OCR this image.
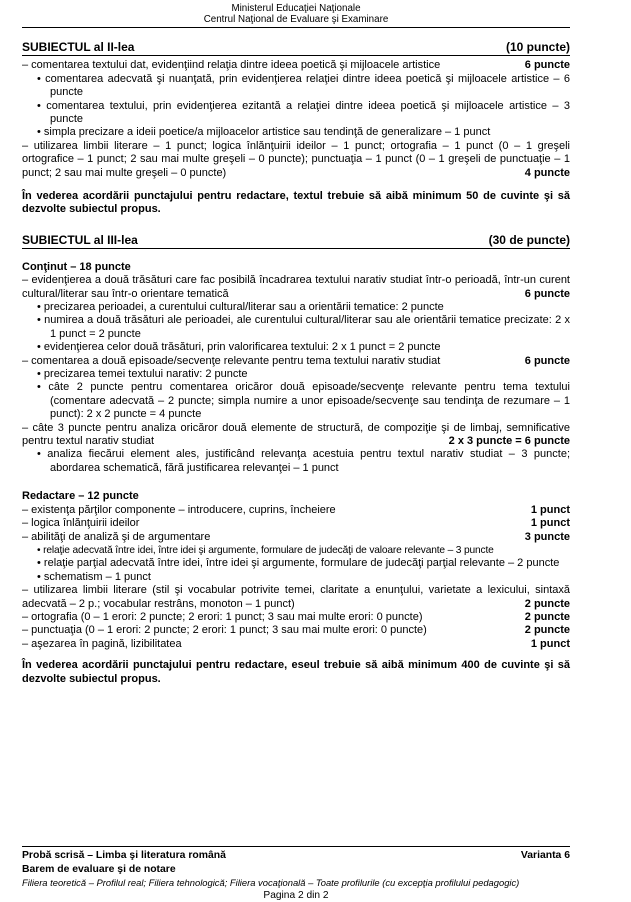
Ministerul Educaţiei Naţionale
Centrul Naţional de Evaluare şi Examinare
SUBIECTUL al II-lea	(10 puncte)

– comentarea textului dat, evidenţiind relaţia dintre ideea poetică şi mijloacele artistice	6 puncte

• comentarea adecvată şi nuanţată, prin evidenţierea relaţiei dintre ideea poetică şi mijloacele artistice – 6 puncte

• comentarea textului, prin evidenţierea ezitantă a relaţiei dintre ideea poetică şi mijloacele artistice – 3 puncte

• simpla precizare a ideii poetice/a mijloacelor artistice sau tendinţă de generalizare – 1 punct

– utilizarea limbii literare – 1 punct; logica înlănţuirii ideilor – 1 punct; ortografia – 1 punct (0 – 1 greşeli ortografice – 1 punct; 2 sau mai multe greşeli – 0 puncte); punctuaţia – 1 punct (0 – 1 greşeli de punctuaţie – 1 punct; 2 sau mai multe greşeli – 0 puncte)	4 puncte

În vederea acordării punctajului pentru redactare, textul trebuie să aibă minimum 50 de cuvinte şi să dezvolte subiectul propus.

SUBIECTUL al III-lea	(30 de puncte)
Conţinut – 18 puncte

– evidenţierea a două trăsături care fac posibilă încadrarea textului narativ studiat într-o perioadă, într-un curent cultural/literar sau într-o orientare tematică	6 puncte

• precizarea perioadei, a curentului cultural/literar sau a orientării tematice: 2 puncte

• numirea a două trăsături ale perioadei, ale curentului cultural/literar sau ale orientării tematice precizate: 2 x 1 punct = 2 puncte

• evidenţierea celor două trăsături, prin valorificarea textului: 2 x 1 punct = 2 puncte

– comentarea a două episoade/secvenţe relevante pentru tema textului narativ studiat	6 puncte

• precizarea temei textului narativ: 2 puncte

• câte 2 puncte pentru comentarea oricăror două episoade/secvenţe relevante pentru tema textului (comentare adecvată – 2 puncte; simpla numire a unor episoade/secvenţe sau tendinţa de rezumare – 1 punct): 2 x 2 puncte = 4 puncte

– câte 3 puncte pentru analiza oricăror două elemente de structură, de compoziţie şi de limbaj, semnificative pentru textul narativ studiat	2 x 3 puncte = 6 puncte

• analiza fiecărui element ales, justificând relevanţa acestuia pentru textul narativ studiat – 3 puncte; abordarea schematică, fără justificarea relevanţei – 1 punct

Redactare – 12 puncte

– existenţa părţilor componente – introducere, cuprins, încheiere	1 punct

– logica înlănţuirii ideilor	1 punct

– abilităţi de analiză şi de argumentare	3 puncte

• relaţie adecvată între idei, între idei şi argumente, formulare de judecăţi de valoare relevante – 3 puncte

• relaţie parţial adecvată între idei, între idei şi argumente, formulare de judecăţi parţial relevante – 2 puncte

• schematism – 1 punct

– utilizarea limbii literare (stil şi vocabular potrivite temei, claritate a enunţului, varietate a lexicului, sintaxă adecvată – 2 p.; vocabular restrâns, monoton – 1 punct)	2 puncte

– ortografia (0 – 1 erori: 2 puncte; 2 erori: 1 punct; 3 sau mai multe erori: 0 puncte)	2 puncte

– punctuaţia (0 – 1 erori: 2 puncte; 2 erori: 1 punct; 3 sau mai multe erori: 0 puncte)	2 puncte

– aşezarea în pagină, lizibilitatea	1 punct

În vederea acordării punctajului pentru redactare, eseul trebuie să aibă minimum 400 de cuvinte şi să dezvolte subiectul propus.

Probă scrisă – Limba şi literatura română	Varianta 6
Barem de evaluare şi de notare
Filiera teoretică – Profilul real; Filiera tehnologică; Filiera vocaţională – Toate profilurile (cu excepţia profilului pedagogic)
Pagina 2 din 2
